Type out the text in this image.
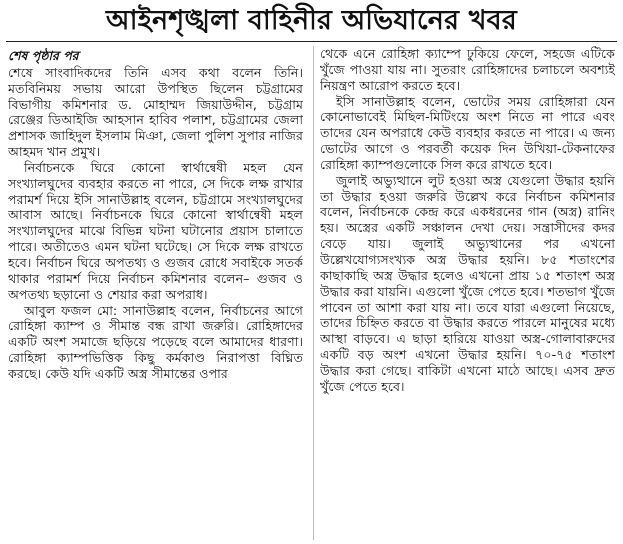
আইনশৃঙ্খলা বাহিনীর অভিযানের খবর
শেষ পৃষ্ঠার পর

শেষে সাংবাদিকদের তিনি এসব কথা বলেন তিনি। মতবিনিময় সভায় আরো উপস্থিত ছিলেন চট্টগ্রামের বিভাগীয় কমিশনার ড. মোহাম্মদ জিয়াউদ্দীন, চট্টগ্রাম রেঞ্জের ডিআইজি আহসান হাবিব পলাশ, চট্টগ্রামের জেলা প্রশাসক জাহিদুল ইসলাম মিঞা, জেলা পুলিশ সুপার নাজির আহমদ খান প্রমুখ।

নির্বাচনকে ঘিরে কোনো স্বার্থান্বেষী মহল যেন সংখ্যালঘুদের ব্যবহার করতে না পারে, সে দিকে লক্ষ রাখার পরামর্শ দিয়ে ইসি সানাউল্লাহ বলেন, চট্টগ্রামে সংখ্যালঘুদের আবাস আছে। নির্বাচনকে ঘিরে কোনো স্বার্থান্বেষী মহল সংখ্যালঘুদের মাঝে বিভিন্ন ঘটনা ঘটানোর প্রয়াস চালাতে পারে। অতীতেও এমন ঘটনা ঘটেছে। সে দিকে লক্ষ রাখতে হবে। নির্বাচন ঘিরে অপতথ্য ও গুজব রোধে সবাইকে সতর্ক থাকার পরামর্শ দিয়ে নির্বাচন কমিশনার বলেন– গুজব ও অপতথ্য ছড়ানো ও শেয়ার করা অপরাধ।

আবুল ফজল মো: সানাউল্লাহ বলেন, নির্বাচনের আগে রোহিঙ্গা ক্যাম্প ও সীমান্ত বন্ধ রাখা জরুরি। রোহিঙ্গাদের একটি অংশ সমাজে ছড়িয়ে পড়েছে বলে আমাদের ধারণা। রোহিঙ্গা ক্যাম্পভিত্তিক কিছু কর্মকাণ্ড নিরাপত্তা বিঘ্নিত করছে। কেউ যদি একটি অস্ত্র সীমান্তের ওপার

থেকে এনে রোহিঙ্গা ক্যাম্পে ঢুকিয়ে ফেলে, সহজে এটিকে খুঁজে পাওয়া যায় না। সুতরাং রোহিঙ্গাদের চলাচলে অবশ্যই নিয়ন্ত্রণ আরোপ করতে হবে।

ইসি সানাউল্লাহ বলেন, ভোটের সময় রোহিঙ্গারা যেন কোনোভাবেই মিছিল-মিটিংয়ে অংশ নিতে না পারে এবং তাদের যেন অপরাধে কেউ ব্যবহার করতে না পারে। এ জন্য ভোটের আগে ও পরবর্তী কয়েক দিন উখিয়া-টেকনাফের রোহিঙ্গা ক্যাম্পগুলোকে সিল করে রাখতে হবে।

জুলাই অভ্যুত্থানে লুট হওয়া অস্ত্র যেগুলো উদ্ধার হয়নি তা উদ্ধার হওয়া জরুরি উল্লেখ করে নির্বাচন কমিশনার বলেন, নির্বাচনকে কেন্দ্র করে একধরনের গান (অস্ত্র) রানিং হয়। অস্ত্রের একটি সঞ্চালন দেখা দেয়। সন্ত্রাসীদের কদর বেড়ে যায়। জুলাই অভ্যুত্থানের পর এখনো উল্লেখযোগ্যসংখ্যক অস্ত্র উদ্ধার হয়নি। ৮৫ শতাংশের কাছাকাছি অস্ত্র উদ্ধার হলেও এখনো প্রায় ১৫ শতাংশ অস্ত্র উদ্ধার করা যায়নি। এগুলো খুঁজে পেতে হবে। শতভাগ খুঁজে পাবেন তা আশা করা যায় না। তবে যারা এগুলো নিয়েছে, তাদের চিহ্নিত করতে বা উদ্ধার করতে পারলে মানুষের মধ্যে আস্থা বাড়বে। এ ছাড়া হারিয়ে যাওয়া অস্ত্র-গোলাবারুদের একটি বড় অংশ এখনো উদ্ধার হয়নি। ৭০-৭৫ শতাংশ উদ্ধার করা গেছে। বাকিটা এখনো মাঠে আছে। এসব দ্রুত খুঁজে পেতে হবে।
